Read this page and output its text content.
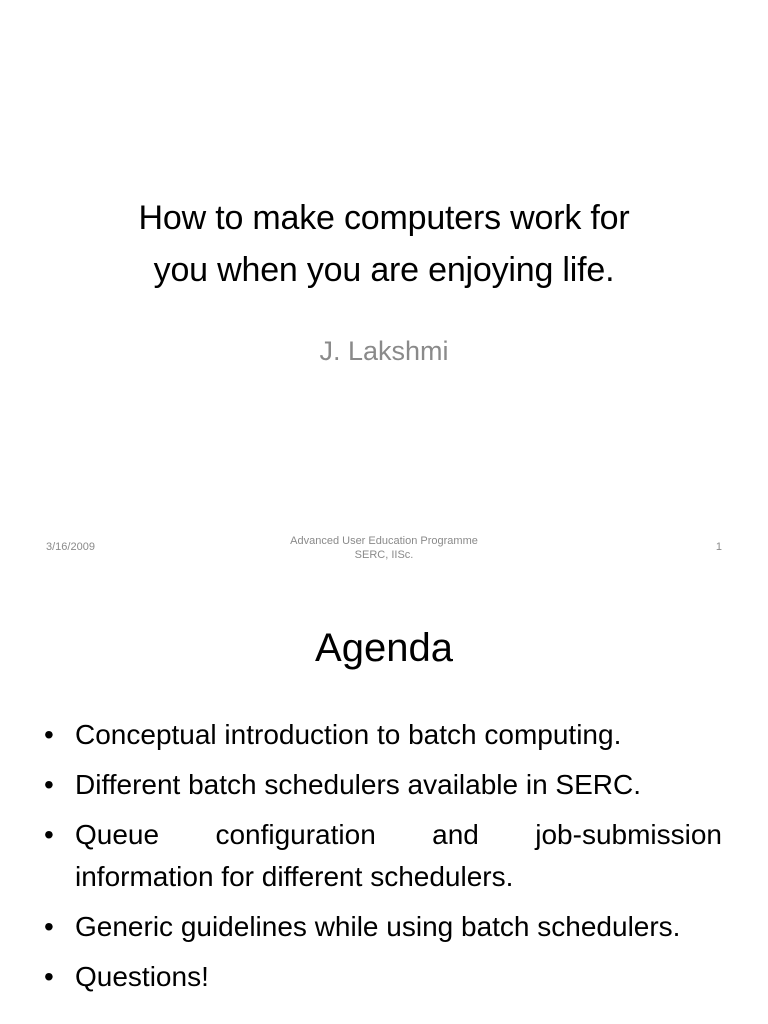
How to make computers work for
you when you are enjoying life.
J. Lakshmi
3/16/2009	Advanced User Education Programme
SERC, IISc.
1
Agenda
• Conceptual introduction to batch computing.
• Different batch schedulers available in SERC.
• Queue configuration and job-submission information for different schedulers.
• Generic guidelines while using batch schedulers.
• Questions!
